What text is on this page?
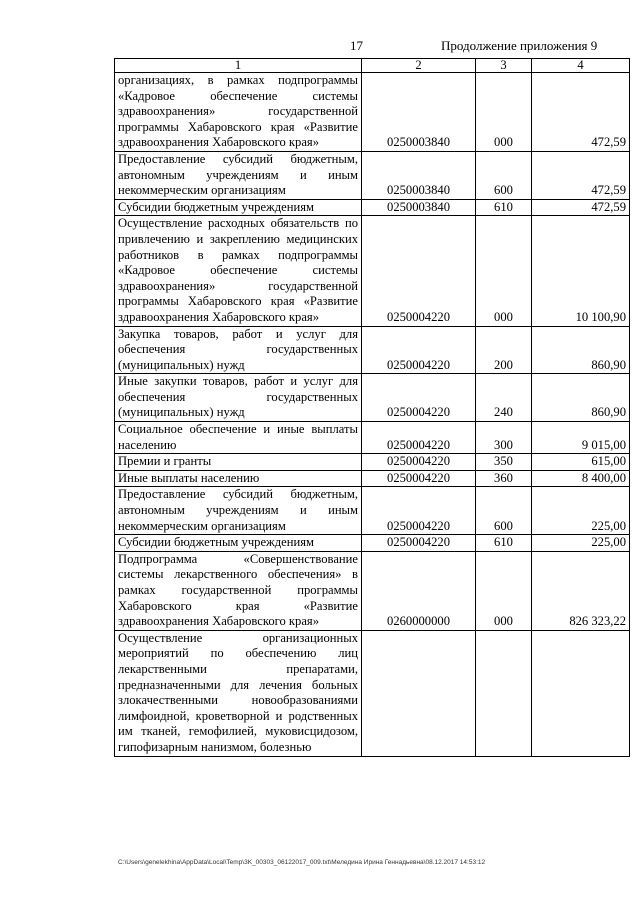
17	Продолжение приложения 9
1	2	3	4
организациях, в рамках подпрограммы «Кадровое обеспечение системы здравоохранения» государственной программы Хабаровского края «Развитие здравоохранения Хабаровского края»	0250003840	000	472,59
Предоставление субсидий бюджетным, автономным учреждениям и иным некоммерческим организациям	0250003840	600	472,59
Субсидии бюджетным учреждениям	0250003840	610	472,59
Осуществление расходных обязательств по привлечению и закреплению медицинских работников в рамках подпрограммы «Кадровое обеспечение системы здравоохранения» государственной программы Хабаровского края «Развитие здравоохранения Хабаровского края»	0250004220	000	10 100,90
Закупка товаров, работ и услуг для обеспечения государственных (муниципальных) нужд	0250004220	200	860,90
Иные закупки товаров, работ и услуг для обеспечения государственных (муниципальных) нужд	0250004220	240	860,90
Социальное обеспечение и иные выплаты населению	0250004220	300	9 015,00
Премии и гранты	0250004220	350	615,00
Иные выплаты населению	0250004220	360	8 400,00
Предоставление субсидий бюджетным, автономным учреждениям и иным некоммерческим организациям	0250004220	600	225,00
Субсидии бюджетным учреждениям	0250004220	610	225,00
Подпрограмма «Совершенствование системы лекарственного обеспечения» в рамках государственной программы Хабаровского края «Развитие здравоохранения Хабаровского края»	0260000000	000	826 323,22
Осуществление организационных мероприятий по обеспечению лиц лекарственными препаратами, предназначенными для лечения больных злокачественными новообразованиями лимфоидной, кроветворной и родственных им тканей, гемофилией, муковисцидозом, гипофизарным нанизмом, болезнью			
C:\Users\genelekhina\AppData\Local\Temp\3K_00303_06122017_009.txt\Меледина Ирина Геннадьевна\08.12.2017 14:53:12
